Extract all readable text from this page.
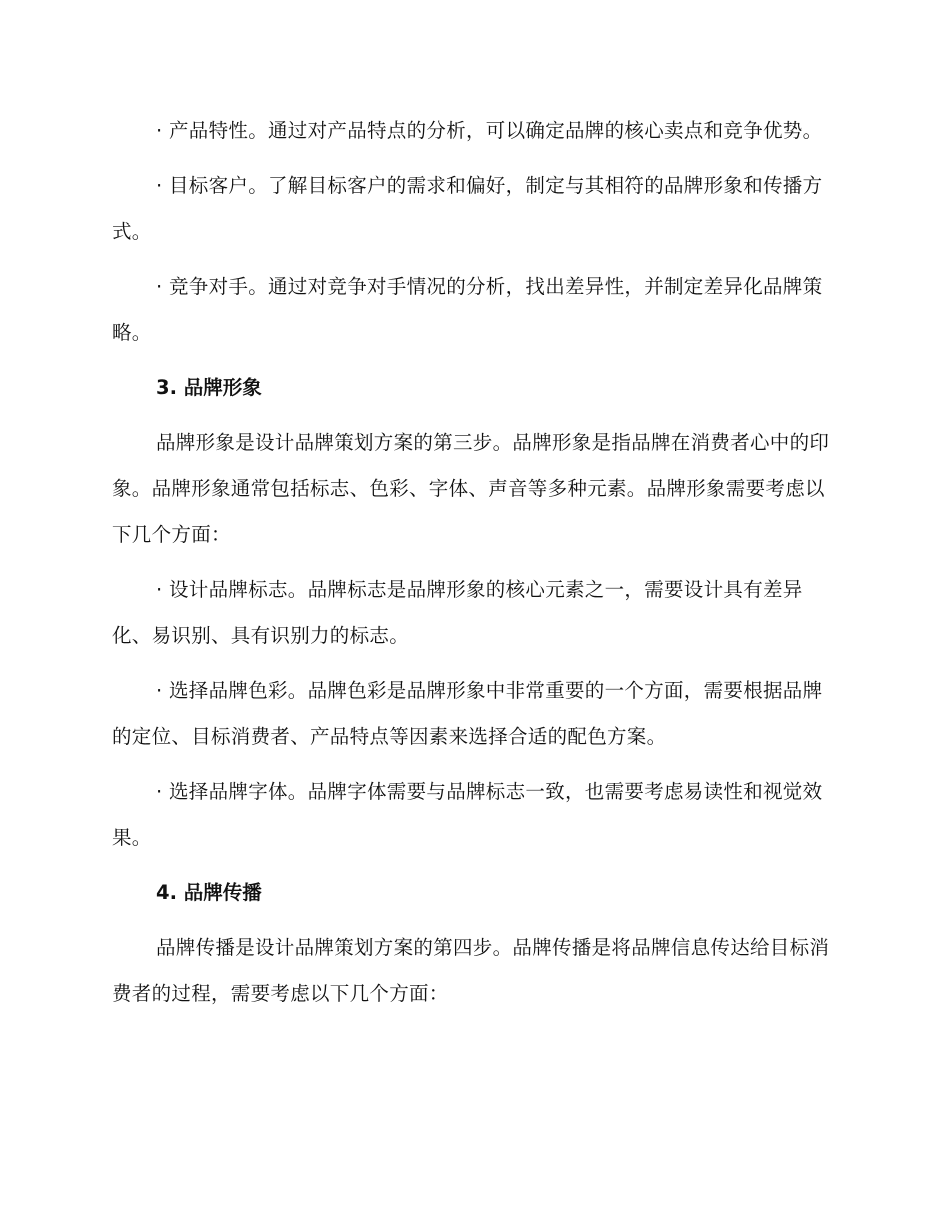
· 产品特性。通过对产品特点的分析，可以确定品牌的核心卖点和竞争优势。

· 目标客户。了解目标客户的需求和偏好，制定与其相符的品牌形象和传播方式。

· 竞争对手。通过对竞争对手情况的分析，找出差异性，并制定差异化品牌策略。

3. 品牌形象

品牌形象是设计品牌策划方案的第三步。品牌形象是指品牌在消费者心中的印象。品牌形象通常包括标志、色彩、字体、声音等多种元素。品牌形象需要考虑以下几个方面：

· 设计品牌标志。品牌标志是品牌形象的核心元素之一，需要设计具有差异化、易识别、具有识别力的标志。

· 选择品牌色彩。品牌色彩是品牌形象中非常重要的一个方面，需要根据品牌的定位、目标消费者、产品特点等因素来选择合适的配色方案。

· 选择品牌字体。品牌字体需要与品牌标志一致，也需要考虑易读性和视觉效果。

4. 品牌传播

品牌传播是设计品牌策划方案的第四步。品牌传播是将品牌信息传达给目标消费者的过程，需要考虑以下几个方面：
